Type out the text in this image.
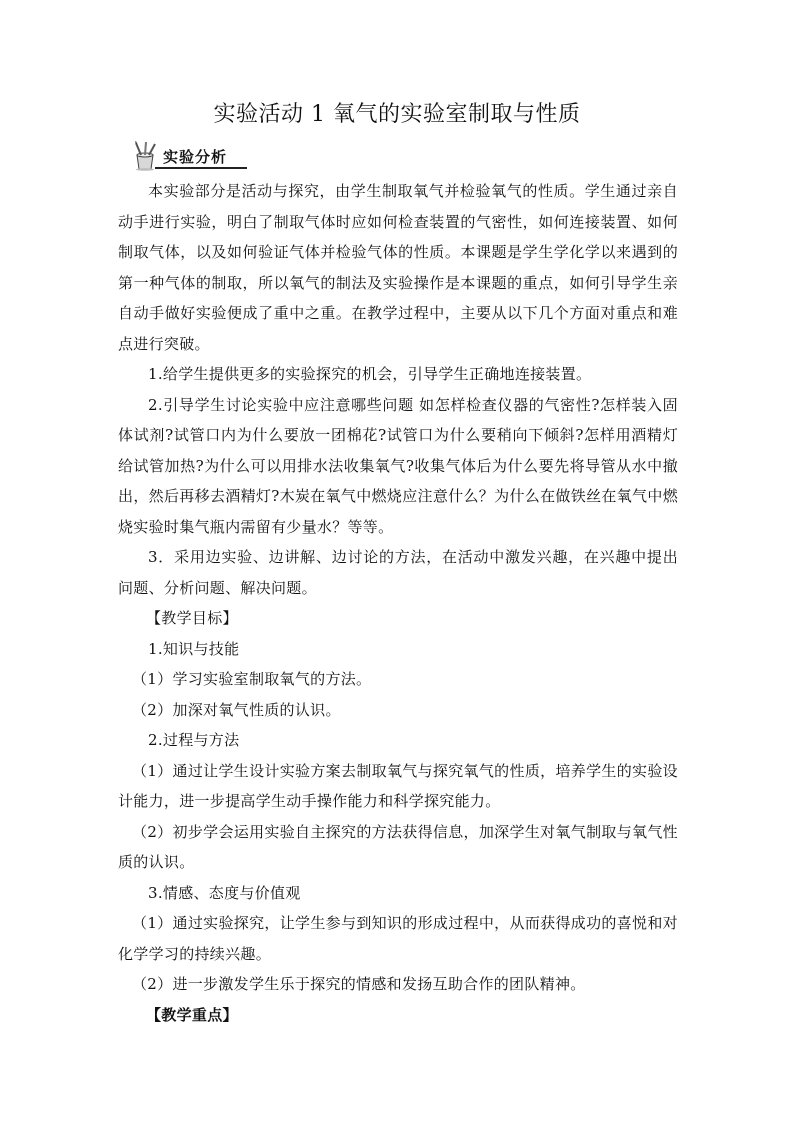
实验活动 1 氧气的实验室制取与性质
实验分析

本实验部分是活动与探究，由学生制取氧气并检验氧气的性质。学生通过亲自动手进行实验，明白了制取气体时应如何检查装置的气密性，如何连接装置、如何制取气体，以及如何验证气体并检验气体的性质。本课题是学生学化学以来遇到的第一种气体的制取，所以氧气的制法及实验操作是本课题的重点，如何引导学生亲自动手做好实验便成了重中之重。在教学过程中，主要从以下几个方面对重点和难点进行突破。

1.给学生提供更多的实验探究的机会，引导学生正确地连接装置。

2.引导学生讨论实验中应注意哪些问题 如怎样检查仪器的气密性?怎样装入固体试剂?试管口内为什么要放一团棉花?试管口为什么要稍向下倾斜?怎样用酒精灯给试管加热?为什么可以用排水法收集氧气?收集气体后为什么要先将导管从水中撤出，然后再移去酒精灯?木炭在氧气中燃烧应注意什么？为什么在做铁丝在氧气中燃烧实验时集气瓶内需留有少量水？等等。

3．采用边实验、边讲解、边讨论的方法，在活动中激发兴趣，在兴趣中提出问题、分析问题、解决问题。

【教学目标】

1.知识与技能

（1）学习实验室制取氧气的方法。

（2）加深对氧气性质的认识。

2.过程与方法

（1）通过让学生设计实验方案去制取氧气与探究氧气的性质，培养学生的实验设计能力，进一步提高学生动手操作能力和科学探究能力。

（2）初步学会运用实验自主探究的方法获得信息，加深学生对氧气制取与氧气性质的认识。

3.情感、态度与价值观

（1）通过实验探究，让学生参与到知识的形成过程中，从而获得成功的喜悦和对化学学习的持续兴趣。

（2）进一步激发学生乐于探究的情感和发扬互助合作的团队精神。

【教学重点】
